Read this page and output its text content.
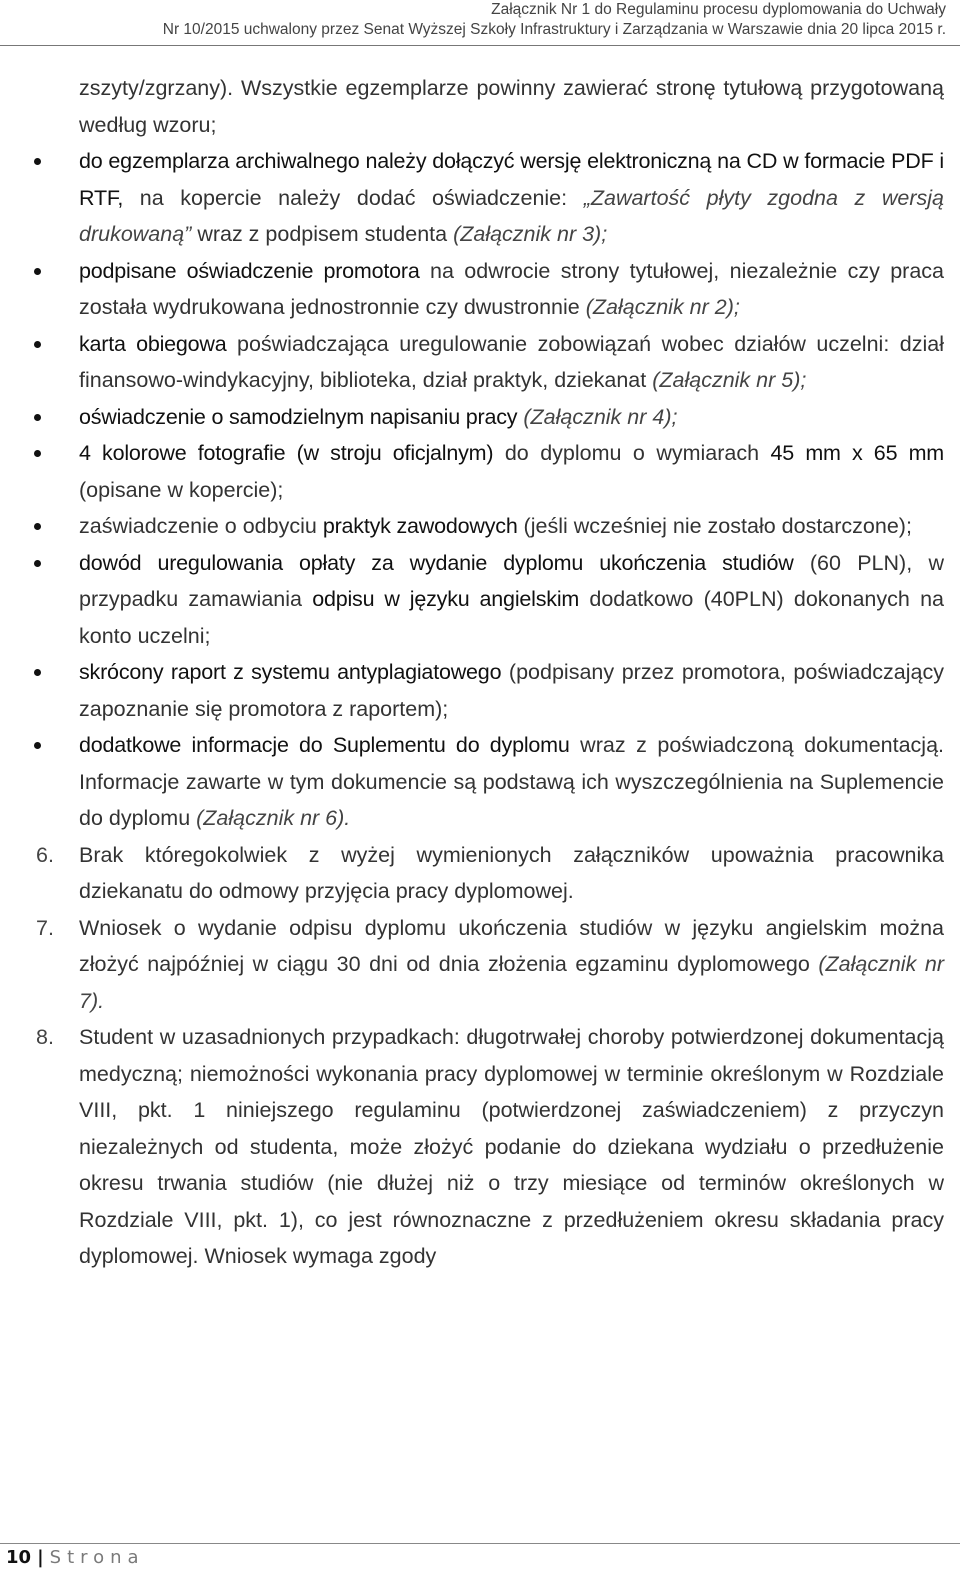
Załącznik Nr 1 do Regulaminu procesu dyplomowania do Uchwały
Nr 10/2015 uchwalony przez Senat Wyższej Szkoły Infrastruktury i Zarządzania w Warszawie dnia 20 lipca 2015 r.

zszyty/zgrzany). Wszystkie egzemplarze powinny zawierać stronę tytułową przygotowaną według wzoru;

do egzemplarza archiwalnego należy dołączyć wersję elektroniczną na CD w formacie PDF i RTF, na kopercie należy dodać oświadczenie: „Zawartość płyty zgodna z wersją drukowaną” wraz z podpisem studenta (Załącznik nr 3);
podpisane oświadczenie promotora na odwrocie strony tytułowej, niezależnie czy praca została wydrukowana jednostronnie czy dwustronnie (Załącznik nr 2);
karta obiegowa poświadczająca uregulowanie zobowiązań wobec działów uczelni: dział finansowo-windykacyjny, biblioteka, dział praktyk, dziekanat (Załącznik nr 5);
oświadczenie o samodzielnym napisaniu pracy (Załącznik nr 4);
4 kolorowe fotografie (w stroju oficjalnym) do dyplomu o wymiarach 45 mm x 65 mm (opisane w kopercie);
zaświadczenie o odbyciu praktyk zawodowych (jeśli wcześniej nie zostało dostarczone);
dowód uregulowania opłaty za wydanie dyplomu ukończenia studiów (60 PLN), w przypadku zamawiania odpisu w języku angielskim dodatkowo (40PLN) dokonanych na konto uczelni;
skrócony raport z systemu antyplagiatowego (podpisany przez promotora, poświadczający zapoznanie się promotora z raportem);
dodatkowe informacje do Suplementu do dyplomu wraz z poświadczoną dokumentacją. Informacje zawarte w tym dokumencie są podstawą ich wyszczególnienia na Suplemencie do dyplomu (Załącznik nr 6).

6. Brak któregokolwiek z wyżej wymienionych załączników upoważnia pracownika dziekanatu do odmowy przyjęcia pracy dyplomowej.

7. Wniosek o wydanie odpisu dyplomu ukończenia studiów w języku angielskim można złożyć najpóźniej w ciągu 30 dni od dnia złożenia egzaminu dyplomowego (Załącznik nr 7).

8. Student w uzasadnionych przypadkach: długotrwałej choroby potwierdzonej dokumentacją medyczną; niemożności wykonania pracy dyplomowej w terminie określonym w Rozdziale VIII, pkt. 1 niniejszego regulaminu (potwierdzonej zaświadczeniem) z przyczyn niezależnych od studenta, może złożyć podanie do dziekana wydziału o przedłużenie okresu trwania studiów (nie dłużej niż o trzy miesiące od terminów określonych w Rozdziale VIII, pkt. 1), co jest równoznaczne z przedłużeniem okresu składania pracy dyplomowej. Wniosek wymaga zgody

10 | Strona
